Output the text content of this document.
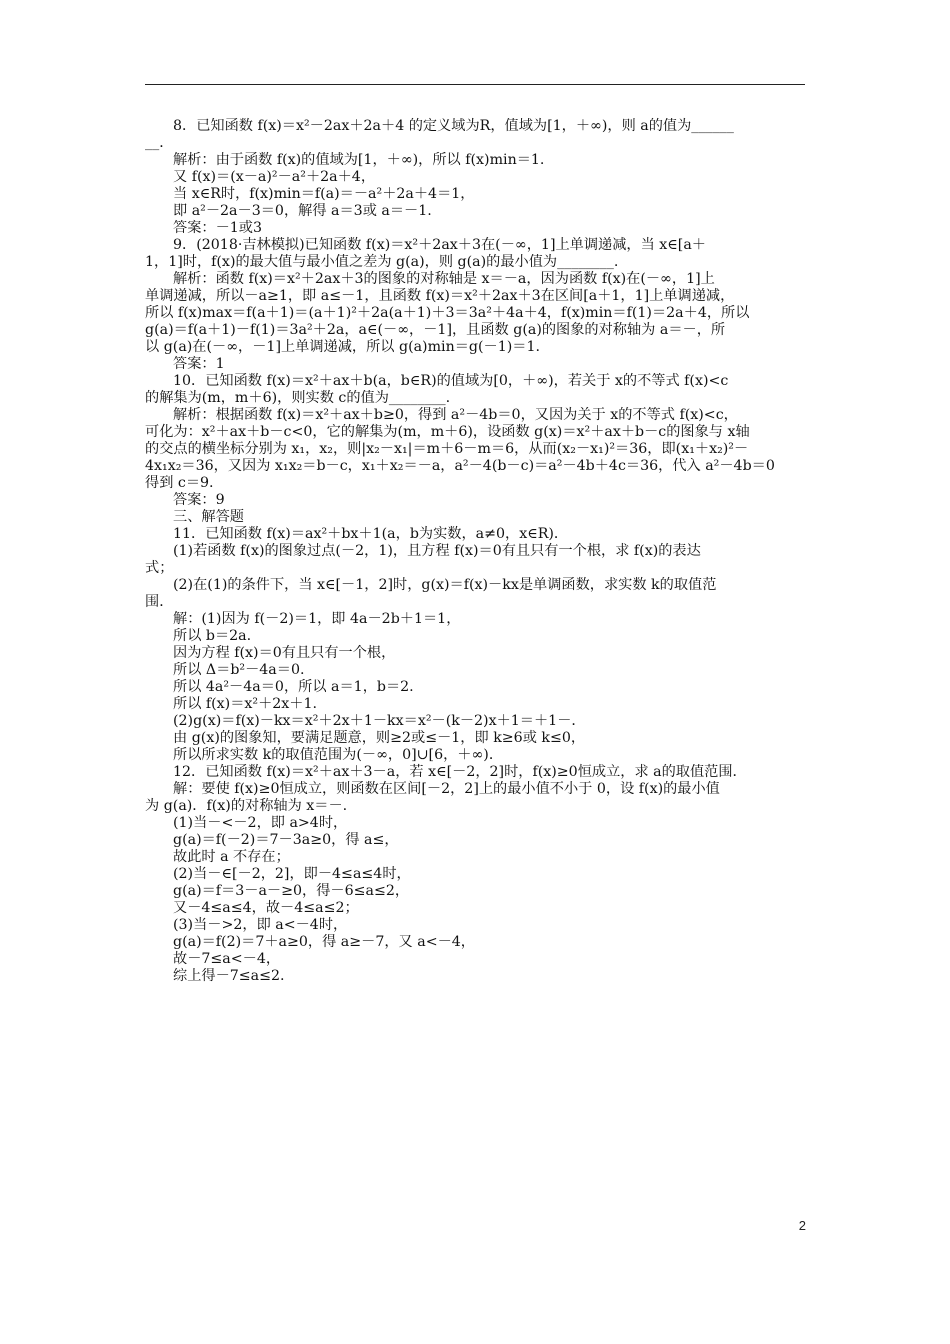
8．已知函数 f(x)＝x²－2ax＋2a＋4 的定义域为R，值域为[1，＋∞)，则 a的值为______
__．
解析：由于函数 f(x)的值域为[1，＋∞)，所以 f(x)min＝1.
又 f(x)＝(x－a)²－a²＋2a＋4，
当 x∈R时，f(x)min＝f(a)＝－a²＋2a＋4＝1，
即 a²－2a－3＝0，解得 a＝3或 a＝－1.
答案：－1或3
9．(2018·吉林模拟)已知函数 f(x)＝x²＋2ax＋3在(－∞，1]上单调递减，当 x∈[a＋
1，1]时，f(x)的最大值与最小值之差为 g(a)，则 g(a)的最小值为________.
解析：函数 f(x)＝x²＋2ax＋3的图象的对称轴是 x＝－a，因为函数 f(x)在(－∞，1]上
单调递减，所以－a≥1，即 a≤－1，且函数 f(x)＝x²＋2ax＋3在区间[a＋1，1]上单调递减，
所以 f(x)max＝f(a＋1)＝(a＋1)²＋2a(a＋1)＋3＝3a²＋4a＋4，f(x)min＝f(1)＝2a＋4，所以
g(a)＝f(a＋1)－f(1)＝3a²＋2a，a∈(－∞，－1]，且函数 g(a)的图象的对称轴为 a＝－，所
以 g(a)在(－∞，－1]上单调递减，所以 g(a)min＝g(－1)＝1.
答案：1
10．已知函数 f(x)＝x²＋ax＋b(a，b∈R)的值域为[0，＋∞)，若关于 x的不等式 f(x)<c
的解集为(m，m＋6)，则实数 c的值为________.
解析：根据函数 f(x)＝x²＋ax＋b≥0，得到 a²－4b＝0，又因为关于 x的不等式 f(x)<c，
可化为：x²＋ax＋b－c<0，它的解集为(m，m＋6)，设函数 g(x)＝x²＋ax＋b－c的图象与 x轴
的交点的横坐标分别为 x₁，x₂，则|x₂－x₁|＝m＋6－m＝6，从而(x₂－x₁)²＝36，即(x₁＋x₂)²－
4x₁x₂＝36，又因为 x₁x₂＝b－c，x₁＋x₂＝－a，a²－4(b－c)＝a²－4b＋4c＝36，代入 a²－4b＝0
得到 c＝9.
答案：9
三、解答题
11．已知函数 f(x)＝ax²＋bx＋1(a，b为实数，a≠0，x∈R)．
(1)若函数 f(x)的图象过点(－2，1)，且方程 f(x)＝0有且只有一个根，求 f(x)的表达
式；
(2)在(1)的条件下，当 x∈[－1，2]时，g(x)＝f(x)－kx是单调函数，求实数 k的取值范
围．
解：(1)因为 f(－2)＝1，即 4a－2b＋1＝1，
所以 b＝2a.
因为方程 f(x)＝0有且只有一个根，
所以 Δ＝b²－4a＝0.
所以 4a²－4a＝0，所以 a＝1，b＝2.
所以 f(x)＝x²＋2x＋1.
(2)g(x)＝f(x)－kx＝x²＋2x＋1－kx＝x²－(k－2)x＋1＝＋1－．
由 g(x)的图象知，要满足题意，则≥2或≤－1，即 k≥6或 k≤0，
所以所求实数 k的取值范围为(－∞，0]∪[6，＋∞)．
12．已知函数 f(x)＝x²＋ax＋3－a，若 x∈[－2，2]时，f(x)≥0恒成立，求 a的取值范围．
解：要使 f(x)≥0恒成立，则函数在区间[－2，2]上的最小值不小于 0，设 f(x)的最小值
为 g(a)．f(x)的对称轴为 x＝－.
(1)当－<－2，即 a>4时，
g(a)＝f(－2)＝7－3a≥0，得 a≤，
故此时 a 不存在；
(2)当－∈[－2，2]，即－4≤a≤4时，
g(a)＝f＝3－a－≥0，得－6≤a≤2，
又－4≤a≤4，故－4≤a≤2；
(3)当－>2，即 a<－4时，
g(a)＝f(2)＝7＋a≥0，得 a≥－7，又 a<－4，
故－7≤a<－4，
综上得－7≤a≤2.
2
